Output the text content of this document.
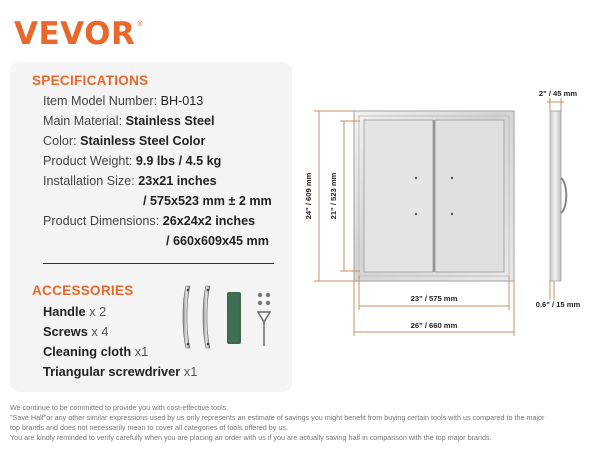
VEVOR®
SPECIFICATIONS
Item Model Number: BH-013
Main Material: Stainless Steel
Color: Stainless Steel Color
Product Weight: 9.9 lbs / 4.5 kg
Installation Size: 23x21 inches
/ 575x523 mm ± 2 mm
Product Dimensions: 26x24x2 inches
/ 660x609x45 mm
ACCESSORIES
Handle x 2
Screws x 4
Cleaning cloth x1
Triangular screwdriver x1
24" / 609 mm 21" / 523 mm
23" / 575 mm
26" / 660 mm
2" / 45 mm
0.6" / 15 mm
We continue to be committed to provide you with cost-effective tools.
"Save Half"or any other similar expressions used by us only represents an estimate of savings you might benefit from buying certain tools with us compared to the major
top brands and does not necessarily mean to cover all categories of tools offered by us.
You are kindly reminded to verify carefully when you are placing an order with us if you are actually saving half in comparison with the top major brands.
